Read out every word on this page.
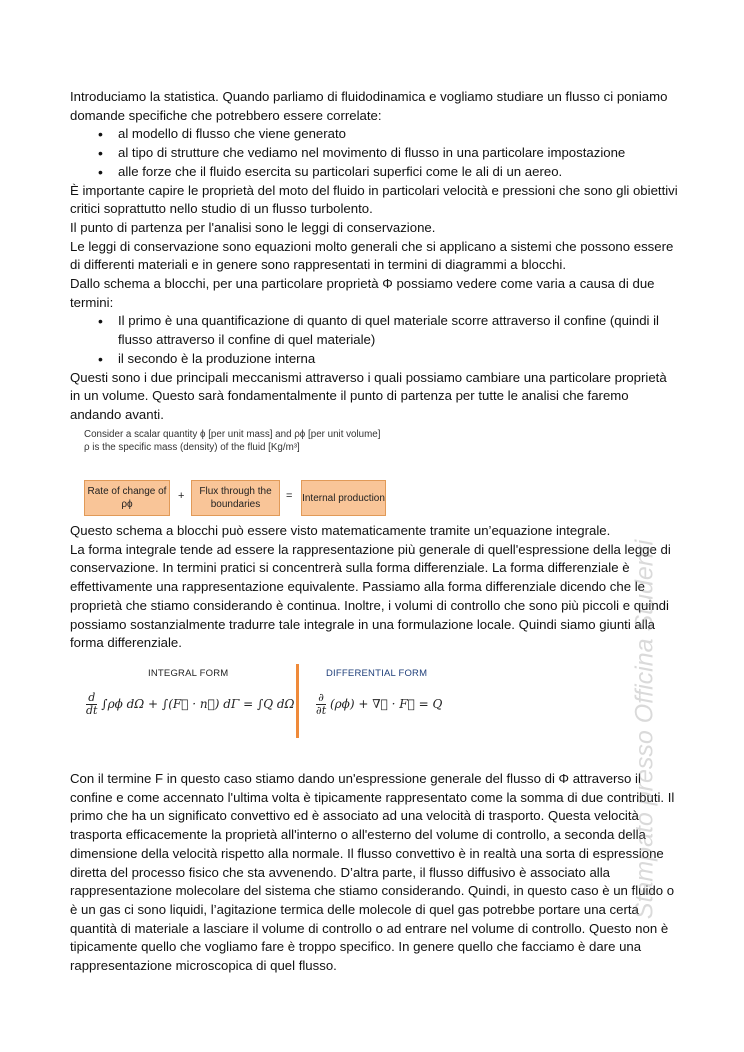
Introduciamo la statistica. Quando parliamo di fluidodinamica e vogliamo studiare un flusso ci poniamo domande specifiche che potrebbero essere correlate:

• al modello di flusso che viene generato
• al tipo di strutture che vediamo nel movimento di flusso in una particolare impostazione
• alle forze che il fluido esercita su particolari superfici come le ali di un aereo.

È importante capire le proprietà del moto del fluido in particolari velocità e pressioni che sono gli obiettivi critici soprattutto nello studio di un flusso turbolento.

Il punto di partenza per l'analisi sono le leggi di conservazione.

Le leggi di conservazione sono equazioni molto generali che si applicano a sistemi che possono essere di differenti materiali e in genere sono rappresentati in termini di diagrammi a blocchi.

Dallo schema a blocchi, per una particolare proprietà Φ possiamo vedere come varia a causa di due termini:

• Il primo è una quantificazione di quanto di quel materiale scorre attraverso il confine (quindi il flusso attraverso il confine di quel materiale)
• il secondo è la produzione interna

Questi sono i due principali meccanismi attraverso i quali possiamo cambiare una particolare proprietà in un volume. Questo sarà fondamentalmente il punto di partenza per tutte le analisi che faremo andando avanti.

Consider a scalar quantity ϕ [per unit mass] and ρϕ [per unit volume]
ρ is the specific mass (density) of the fluid [Kg/m³]
Rate of change of ρϕ
+	Flux through the boundaries
= Internal production

Questo schema a blocchi può essere visto matematicamente tramite un’equazione integrale.

La forma integrale tende ad essere la rappresentazione più generale di quell'espressione della legge di conservazione. In termini pratici si concentrerà sulla forma differenziale. La forma differenziale è effettivamente una rappresentazione equivalente. Passiamo alla forma differenziale dicendo che le proprietà che stiamo considerando è continua. Inoltre, i volumi di controllo che sono più piccoli e quindi possiamo sostanzialmente tradurre tale integrale in una formulazione locale. Quindi siamo giunti alla forma differenziale.

INTEGRAL FORM	DIFFERENTIAL FORM
$\frac{d}{dt} \int\rho\phi$ dΩ + ∫(F⃗ · n⃗) dΓ = ∫Q dΩ $\frac{\partial}{\partial t} (\rho\phi)$ + ∇⃗ · F⃗ = Q

Con il termine F in questo caso stiamo dando un'espressione generale del flusso di Φ attraverso il confine e come accennato l'ultima volta è tipicamente rappresentato come la somma di due contributi. Il primo che ha un significato convettivo ed è associato ad una velocità di trasporto. Questa velocità trasporta efficacemente la proprietà all'interno o all'esterno del volume di controllo, a seconda della dimensione della velocità rispetto alla normale. Il flusso convettivo è in realtà una sorta di espressione diretta del processo fisico che sta avvenendo. D’altra parte, il flusso diffusivo è associato alla rappresentazione molecolare del sistema che stiamo considerando. Quindi, in questo caso è un fluido o è un gas ci sono liquidi, l’agitazione termica delle molecole di quel gas potrebbe portare una certa quantità di materiale a lasciare il volume di controllo o ad entrare nel volume di controllo. Questo non è tipicamente quello che vogliamo fare è troppo specifico. In genere quello che facciamo è dare una rappresentazione microscopica di quel flusso.

Stampato presso Officina Studenti
